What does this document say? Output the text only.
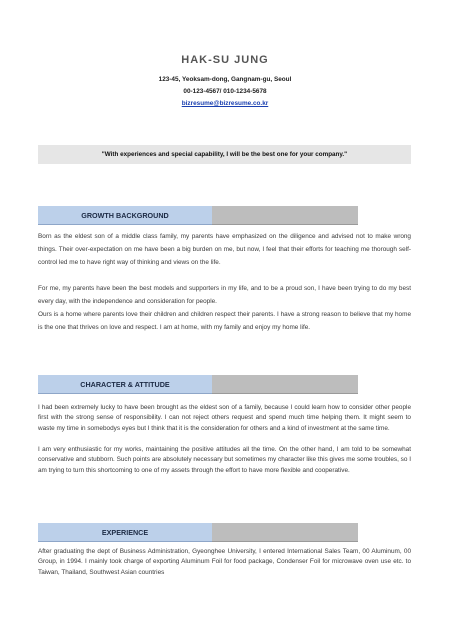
HAK-SU JUNG
123-45, Yeoksam-dong, Gangnam-gu, Seoul
00-123-4567/ 010-1234-5678
bizresume@bizresume.co.kr
"With experiences and special capability, I will be the best one for your company."
GROWTH BACKGROUND

Born as the eldest son of a middle class family, my parents have emphasized on the diligence and advised not to make wrong things. Their over-expectation on me have been a big burden on me, but now, I feel that their efforts for teaching me thorough self-control led me to have right way of thinking and views on the life.

For me, my parents have been the best models and supporters in my life, and to be a proud son, I have been trying to do my best every day, with the independence and consideration for people.

Ours is a home where parents love their children and children respect their parents. I have a strong reason to believe that my home is the one that thrives on love and respect. I am at home, with my family and enjoy my home life.

CHARACTER & ATTITUDE

I had been extremely lucky to have been brought as the eldest son of a family, because I could learn how to consider other people first with the strong sense of responsibility. I can not reject others request and spend much time helping them. It might seem to waste my time in somebodys eyes but I think that it is the consideration for others and a kind of investment at the same time.

I am very enthusiastic for my works, maintaining the positive attitudes all the time. On the other hand, I am told to be somewhat conservative and stubborn. Such points are absolutely necessary but sometimes my character like this gives me some troubles, so I am trying to turn this shortcoming to one of my assets through the effort to have more flexible and cooperative.

EXPERIENCE

After graduating the dept of Business Administration, Gyeonghee University, I entered International Sales Team, 00 Aluminum, 00 Group, in 1994. I mainly took charge of exporting Aluminum Foil for food package, Condenser Foil for microwave oven use etc. to Taiwan, Thailand, Southwest Asian countries
